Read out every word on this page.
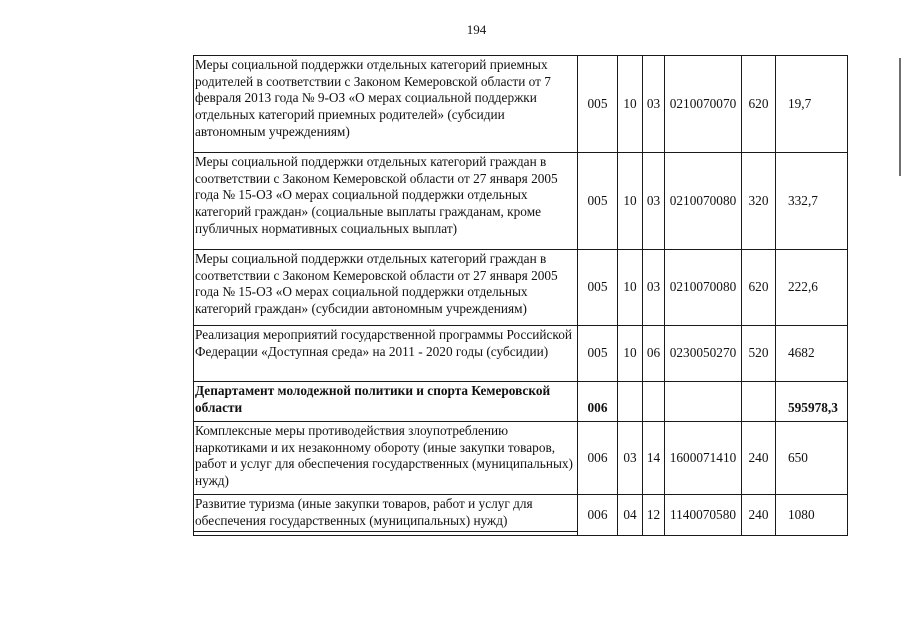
194
Меры социальной поддержки отдельных категорий приемных родителей в соответствии с Законом Кемеровской области от 7 февраля 2013 года № 9-ОЗ «О мерах социальной поддержки отдельных категорий приемных родителей» (субсидии автономным учреждениям)	005	10	03	0210070070	620	19,7
Меры социальной поддержки отдельных категорий граждан в соответствии с Законом Кемеровской области от 27 января 2005 года № 15-ОЗ «О мерах социальной поддержки отдельных категорий граждан» (социальные выплаты гражданам, кроме публичных нормативных социальных выплат)	005	10	03	0210070080	320	332,7
Меры социальной поддержки отдельных категорий граждан в соответствии с Законом Кемеровской области от 27 января 2005 года № 15-ОЗ «О мерах социальной поддержки отдельных категорий граждан» (субсидии автономным учреждениям)	005	10	03	0210070080	620	222,6
Реализация мероприятий государственной программы Российской Федерации «Доступная среда» на 2011 - 2020 годы (субсидии)	005	10	06	0230050270	520	4682
Департамент молодежной политики и спорта Кемеровской области	006					595978,3
Комплексные меры противодействия злоупотреблению наркотиками и их незаконному обороту (иные закупки товаров, работ и услуг для обеспечения государственных (муниципальных) нужд)	006	03	14	1600071410	240	650
Развитие туризма (иные закупки товаров, работ и услуг для обеспечения государственных (муниципальных) нужд)	006	04	12	1140070580	240	1080
